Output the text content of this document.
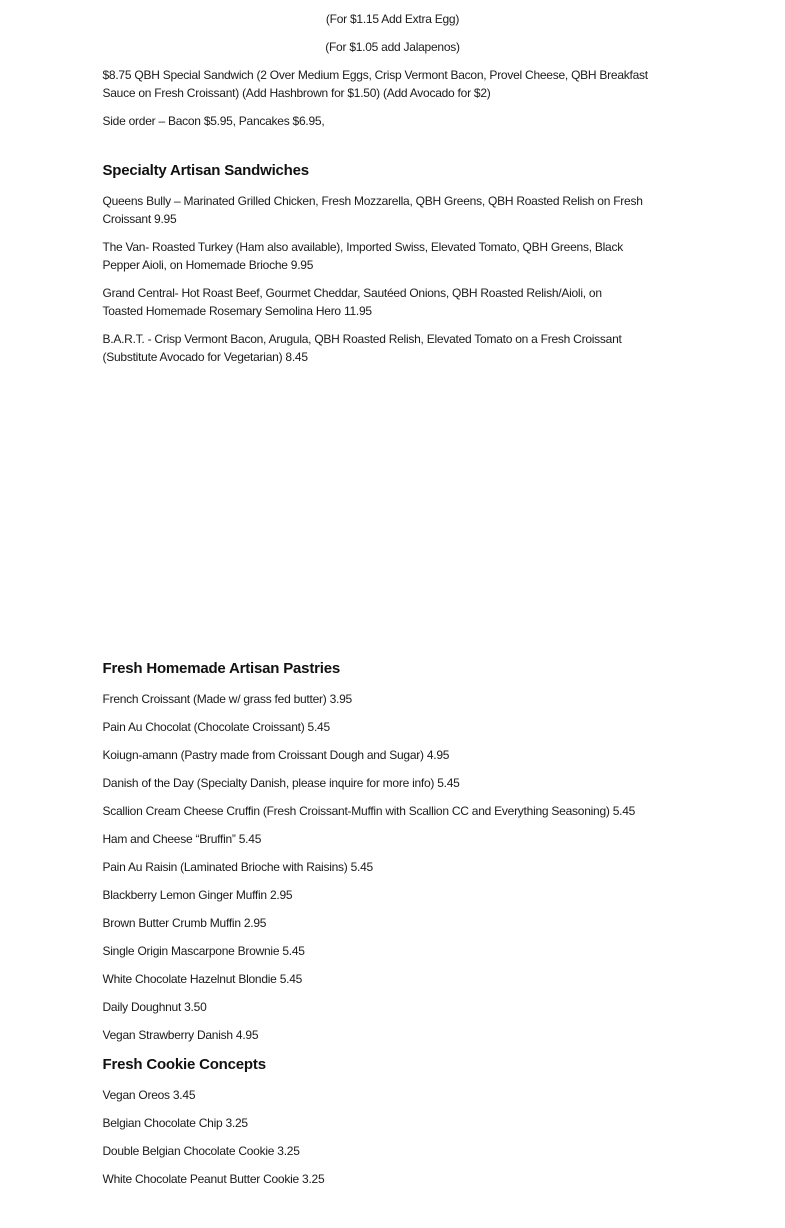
(For $1.15 Add Extra Egg)

(For $1.05 add Jalapenos)

$8.75 QBH Special Sandwich (2 Over Medium Eggs, Crisp Vermont Bacon, Provel Cheese, QBH Breakfast
Sauce on Fresh Croissant) (Add Hashbrown for $1.50) (Add Avocado for $2)
Side order – Bacon $5.95, Pancakes $6.95,
Specialty Artisan Sandwiches
Queens Bully – Marinated Grilled Chicken, Fresh Mozzarella, QBH Greens, QBH Roasted Relish on Fresh
Croissant 9.95
The Van- Roasted Turkey (Ham also available), Imported Swiss, Elevated Tomato, QBH Greens, Black
Pepper Aioli, on Homemade Brioche 9.95
Grand Central- Hot Roast Beef, Gourmet Cheddar, Sautéed Onions, QBH Roasted Relish/Aioli, on
Toasted Homemade Rosemary Semolina Hero 11.95
B.A.R.T. - Crisp Vermont Bacon, Arugula, QBH Roasted Relish, Elevated Tomato on a Fresh Croissant
(Substitute Avocado for Vegetarian) 8.45
Fresh Homemade Artisan Pastries
French Croissant (Made w/ grass fed butter) 3.95
Pain Au Chocolat (Chocolate Croissant) 5.45
Koiugn-amann (Pastry made from Croissant Dough and Sugar) 4.95
Danish of the Day (Specialty Danish, please inquire for more info) 5.45
Scallion Cream Cheese Cruffin (Fresh Croissant-Muffin with Scallion CC and Everything Seasoning) 5.45
Ham and Cheese “Bruffin” 5.45
Pain Au Raisin (Laminated Brioche with Raisins) 5.45
Blackberry Lemon Ginger Muffin 2.95
Brown Butter Crumb Muffin 2.95
Single Origin Mascarpone Brownie 5.45
White Chocolate Hazelnut Blondie 5.45
Daily Doughnut 3.50
Vegan Strawberry Danish 4.95
Fresh Cookie Concepts
Vegan Oreos 3.45
Belgian Chocolate Chip 3.25
Double Belgian Chocolate Cookie 3.25
White Chocolate Peanut Butter Cookie 3.25
